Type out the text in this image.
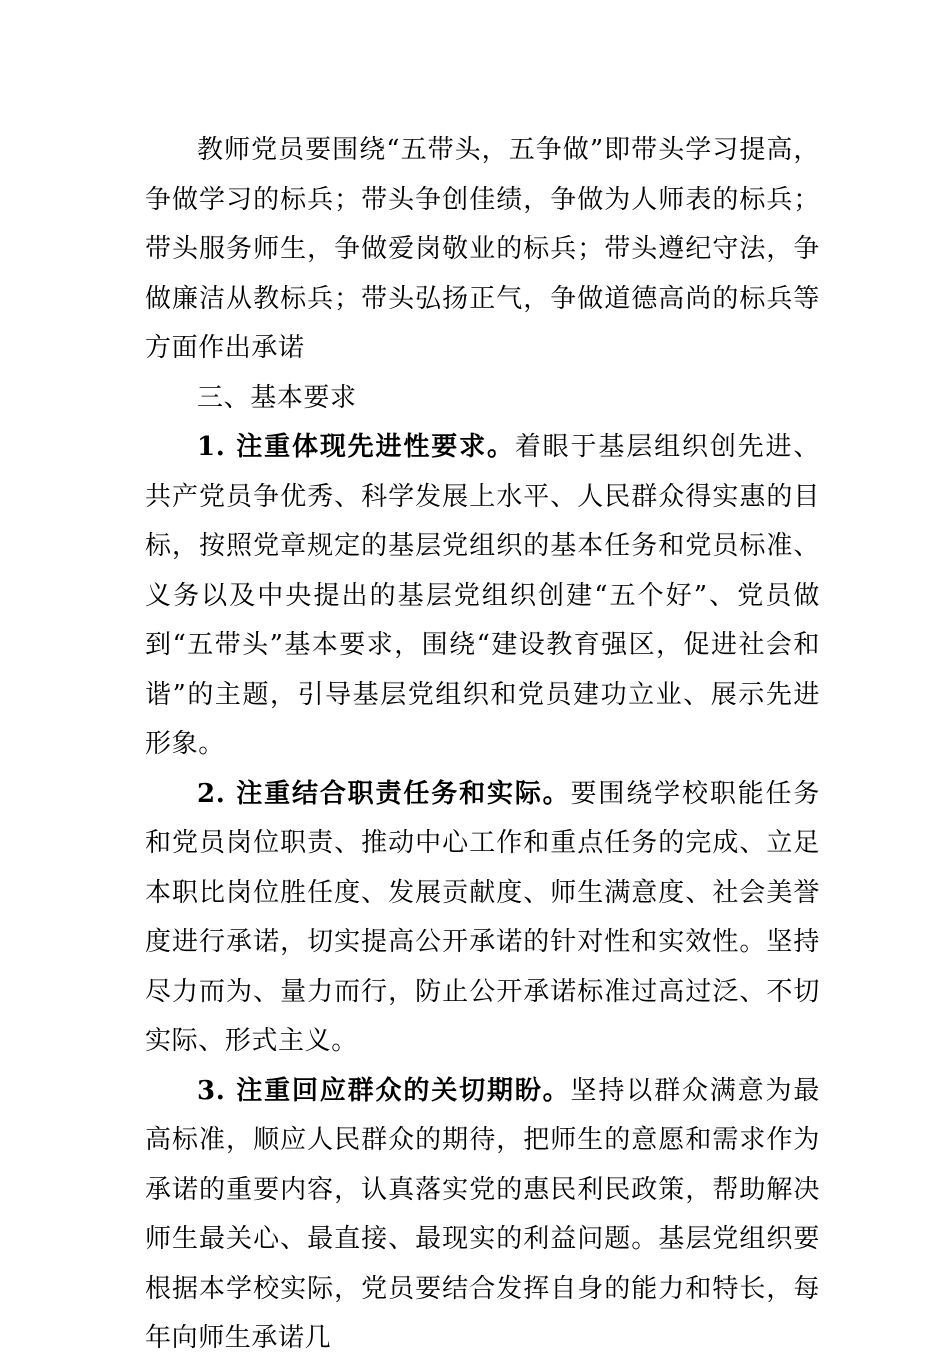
教师党员要围绕“五带头，五争做”即带头学习提高，争做学习的标兵；带头争创佳绩，争做为人师表的标兵；带头服务师生，争做爱岗敬业的标兵；带头遵纪守法，争做廉洁从教标兵；带头弘扬正气，争做道德高尚的标兵等方面作出承诺

三、基本要求

1. 注重体现先进性要求。着眼于基层组织创先进、共产党员争优秀、科学发展上水平、人民群众得实惠的目标，按照党章规定的基层党组织的基本任务和党员标准、义务以及中央提出的基层党组织创建“五个好”、党员做到“五带头”基本要求，围绕“建设教育强区，促进社会和谐”的主题，引导基层党组织和党员建功立业、展示先进形象。

2. 注重结合职责任务和实际。要围绕学校职能任务和党员岗位职责、推动中心工作和重点任务的完成、立足本职比岗位胜任度、发展贡献度、师生满意度、社会美誉度进行承诺，切实提高公开承诺的针对性和实效性。坚持尽力而为、量力而行，防止公开承诺标准过高过泛、不切实际、形式主义。

3. 注重回应群众的关切期盼。坚持以群众满意为最高标准，顺应人民群众的期待，把师生的意愿和需求作为承诺的重要内容，认真落实党的惠民利民政策，帮助解决师生最关心、最直接、最现实的利益问题。基层党组织要根据本学校实际，党员要结合发挥自身的能力和特长，每年向师生承诺几
